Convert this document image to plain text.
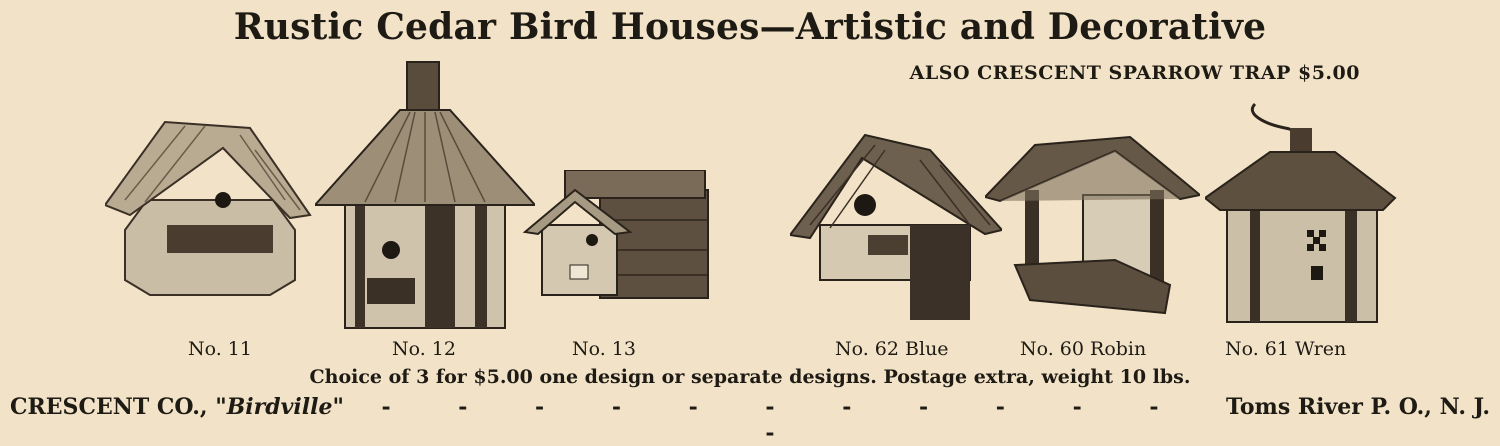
Rustic Cedar Bird Houses—Artistic and Decorative
ALSO CRESCENT SPARROW TRAP $5.00
No. 11	No. 12	No. 13	No. 62 Blue	No. 60 Robin	No. 61 Wren
Choice of 3 for $5.00 one design or separate designs. Postage extra, weight 10 lbs.
CRESCENT CO., "Birdville"	- - - - - - - - - - - -
Toms River P. O., N. J.
